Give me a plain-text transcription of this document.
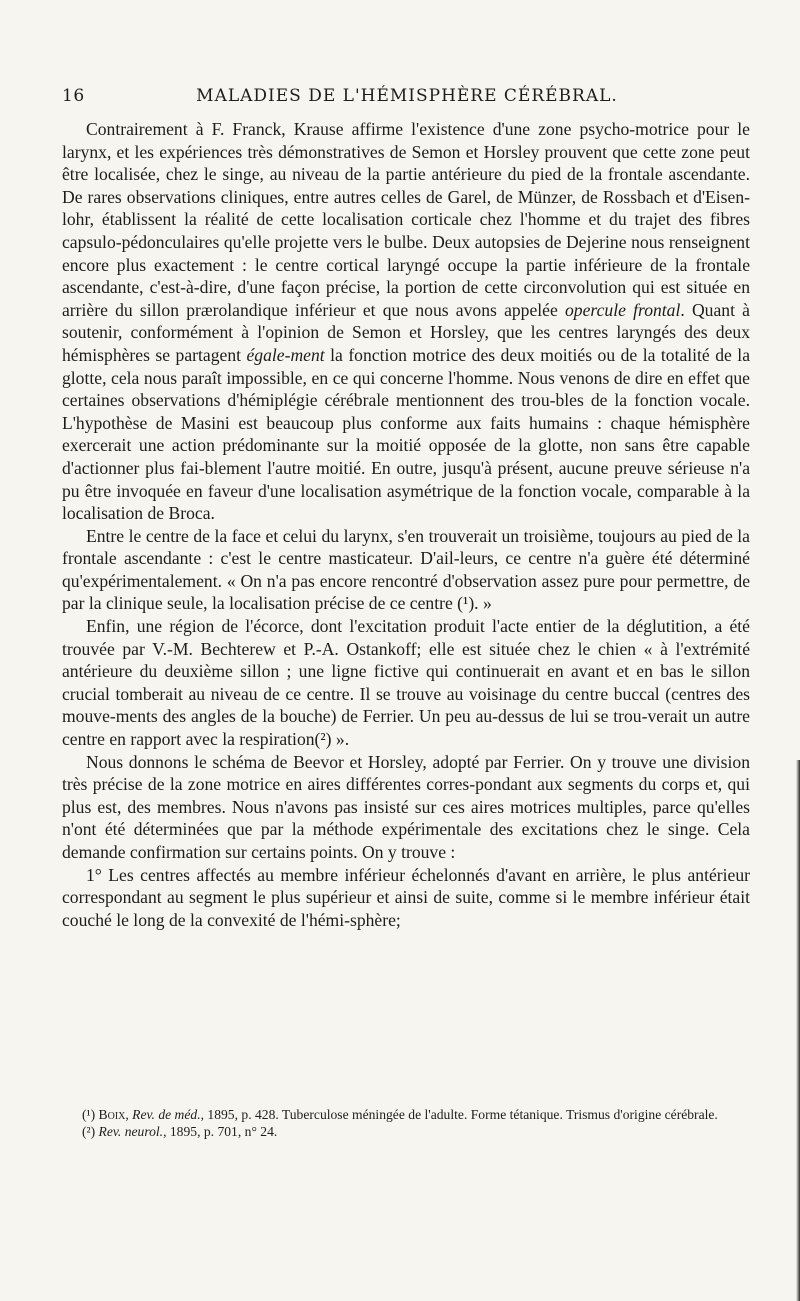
16	MALADIES DE L'HÉMISPHÈRE CÉRÉBRAL.

Contrairement à F. Franck, Krause affirme l'existence d'une zone psycho-motrice pour le larynx, et les expériences très démonstratives de Semon et Horsley prouvent que cette zone peut être localisée, chez le singe, au niveau de la partie antérieure du pied de la frontale ascendante. De rares observations cliniques, entre autres celles de Garel, de Münzer, de Rossbach et d'Eisen-lohr, établissent la réalité de cette localisation corticale chez l'homme et du trajet des fibres capsulo-pédonculaires qu'elle projette vers le bulbe. Deux autopsies de Dejerine nous renseignent encore plus exactement : le centre cortical laryngé occupe la partie inférieure de la frontale ascendante, c'est-à-dire, d'une façon précise, la portion de cette circonvolution qui est située en arrière du sillon prærolandique inférieur et que nous avons appelée opercule frontal. Quant à soutenir, conformément à l'opinion de Semon et Horsley, que les centres laryngés des deux hémisphères se partagent égale-ment la fonction motrice des deux moitiés ou de la totalité de la glotte, cela nous paraît impossible, en ce qui concerne l'homme. Nous venons de dire en effet que certaines observations d'hémiplégie cérébrale mentionnent des trou-bles de la fonction vocale. L'hypothèse de Masini est beaucoup plus conforme aux faits humains : chaque hémisphère exercerait une action prédominante sur la moitié opposée de la glotte, non sans être capable d'actionner plus fai-blement l'autre moitié. En outre, jusqu'à présent, aucune preuve sérieuse n'a pu être invoquée en faveur d'une localisation asymétrique de la fonction vocale, comparable à la localisation de Broca.

Entre le centre de la face et celui du larynx, s'en trouverait un troisième, toujours au pied de la frontale ascendante : c'est le centre masticateur. D'ail-leurs, ce centre n'a guère été déterminé qu'expérimentalement. « On n'a pas encore rencontré d'observation assez pure pour permettre, de par la clinique seule, la localisation précise de ce centre (¹). »

Enfin, une région de l'écorce, dont l'excitation produit l'acte entier de la déglutition, a été trouvée par V.-M. Bechterew et P.-A. Ostankoff; elle est située chez le chien « à l'extrémité antérieure du deuxième sillon ; une ligne fictive qui continuerait en avant et en bas le sillon crucial tomberait au niveau de ce centre. Il se trouve au voisinage du centre buccal (centres des mouve-ments des angles de la bouche) de Ferrier. Un peu au-dessus de lui se trou-verait un autre centre en rapport avec la respiration(²) ».

Nous donnons le schéma de Beevor et Horsley, adopté par Ferrier. On y trouve une division très précise de la zone motrice en aires différentes corres-pondant aux segments du corps et, qui plus est, des membres. Nous n'avons pas insisté sur ces aires motrices multiples, parce qu'elles n'ont été déterminées que par la méthode expérimentale des excitations chez le singe. Cela demande confirmation sur certains points. On y trouve :

1° Les centres affectés au membre inférieur échelonnés d'avant en arrière, le plus antérieur correspondant au segment le plus supérieur et ainsi de suite, comme si le membre inférieur était couché le long de la convexité de l'hémi-sphère;

(¹) Boix, Rev. de méd., 1895, p. 428. Tuberculose méningée de l'adulte. Forme tétanique. Trismus d'origine cérébrale.

(²) Rev. neurol., 1895, p. 701, n° 24.
